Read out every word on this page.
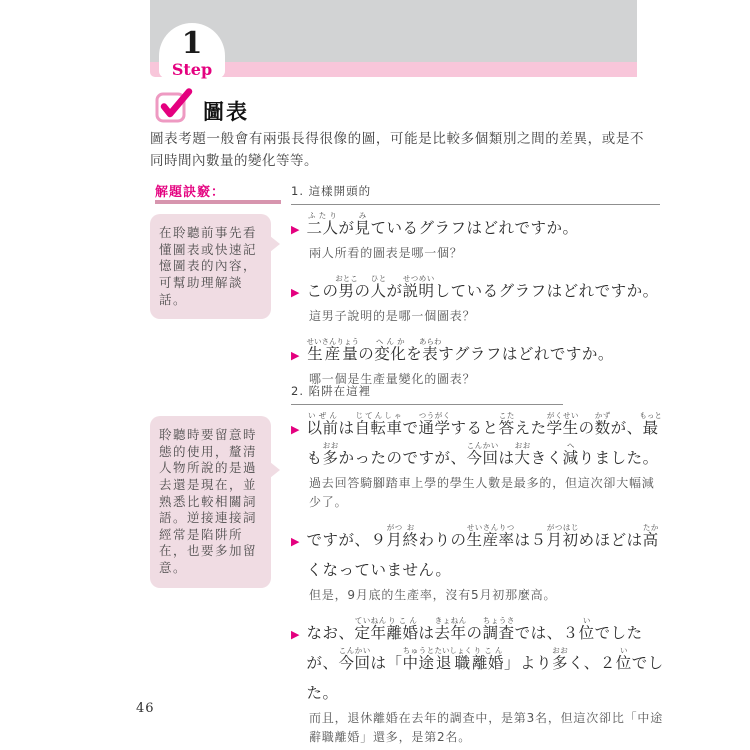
1
Step
圖表
圖表考題一般會有兩張長得很像的圖，可能是比較多個類別之間的差異，或是不同時間內數量的變化等等。
解題訣竅：
在聆聽前事先看懂圖表或快速記憶圖表的內容，可幫助理解談話。
聆聽時要留意時態的使用，釐清人物所說的是過去還是現在，並熟悉比較相關詞語。逆接連接詞經常是陷阱所在，也要多加留意。
1. 這樣開頭的
▶ 二人ふたりが見みているグラフはどれですか。
兩人所看的圖表是哪一個？
▶ この男おとこの人ひとが説明せつめいしているグラフはどれですか。
這男子說明的是哪一個圖表？
▶ 生産量せいさんりょうの変化へんかを表あらわすグラフはどれですか。
哪一個是生產量變化的圖表？
2. 陷阱在這裡
▶ 以前いぜんは自転車じてんしゃで通学つうがくすると答こたえた学生がくせいの数かずが、最もっとも多おおかったのですが、今回こんかいは大おおきく減へりました。
過去回答騎腳踏車上學的學生人數是最多的，但這次卻大幅減少了。
▶ ですが、９月がつ終おわりの生産率せいさんりつは５月がつ初はじめほどは高たかくなっていません。
但是，9月底的生產率，沒有5月初那麼高。
▶ なお、定年ていねん離婚りこんは去年きょねんの調査ちょうさでは、３位いでしたが、今回こんかいは「中途ちゅうと退職たいしょく離婚りこん」より多おおく、２位いでした。
而且，退休離婚在去年的調查中，是第3名，但這次卻比「中途辭職離婚」還多，是第2名。
46
